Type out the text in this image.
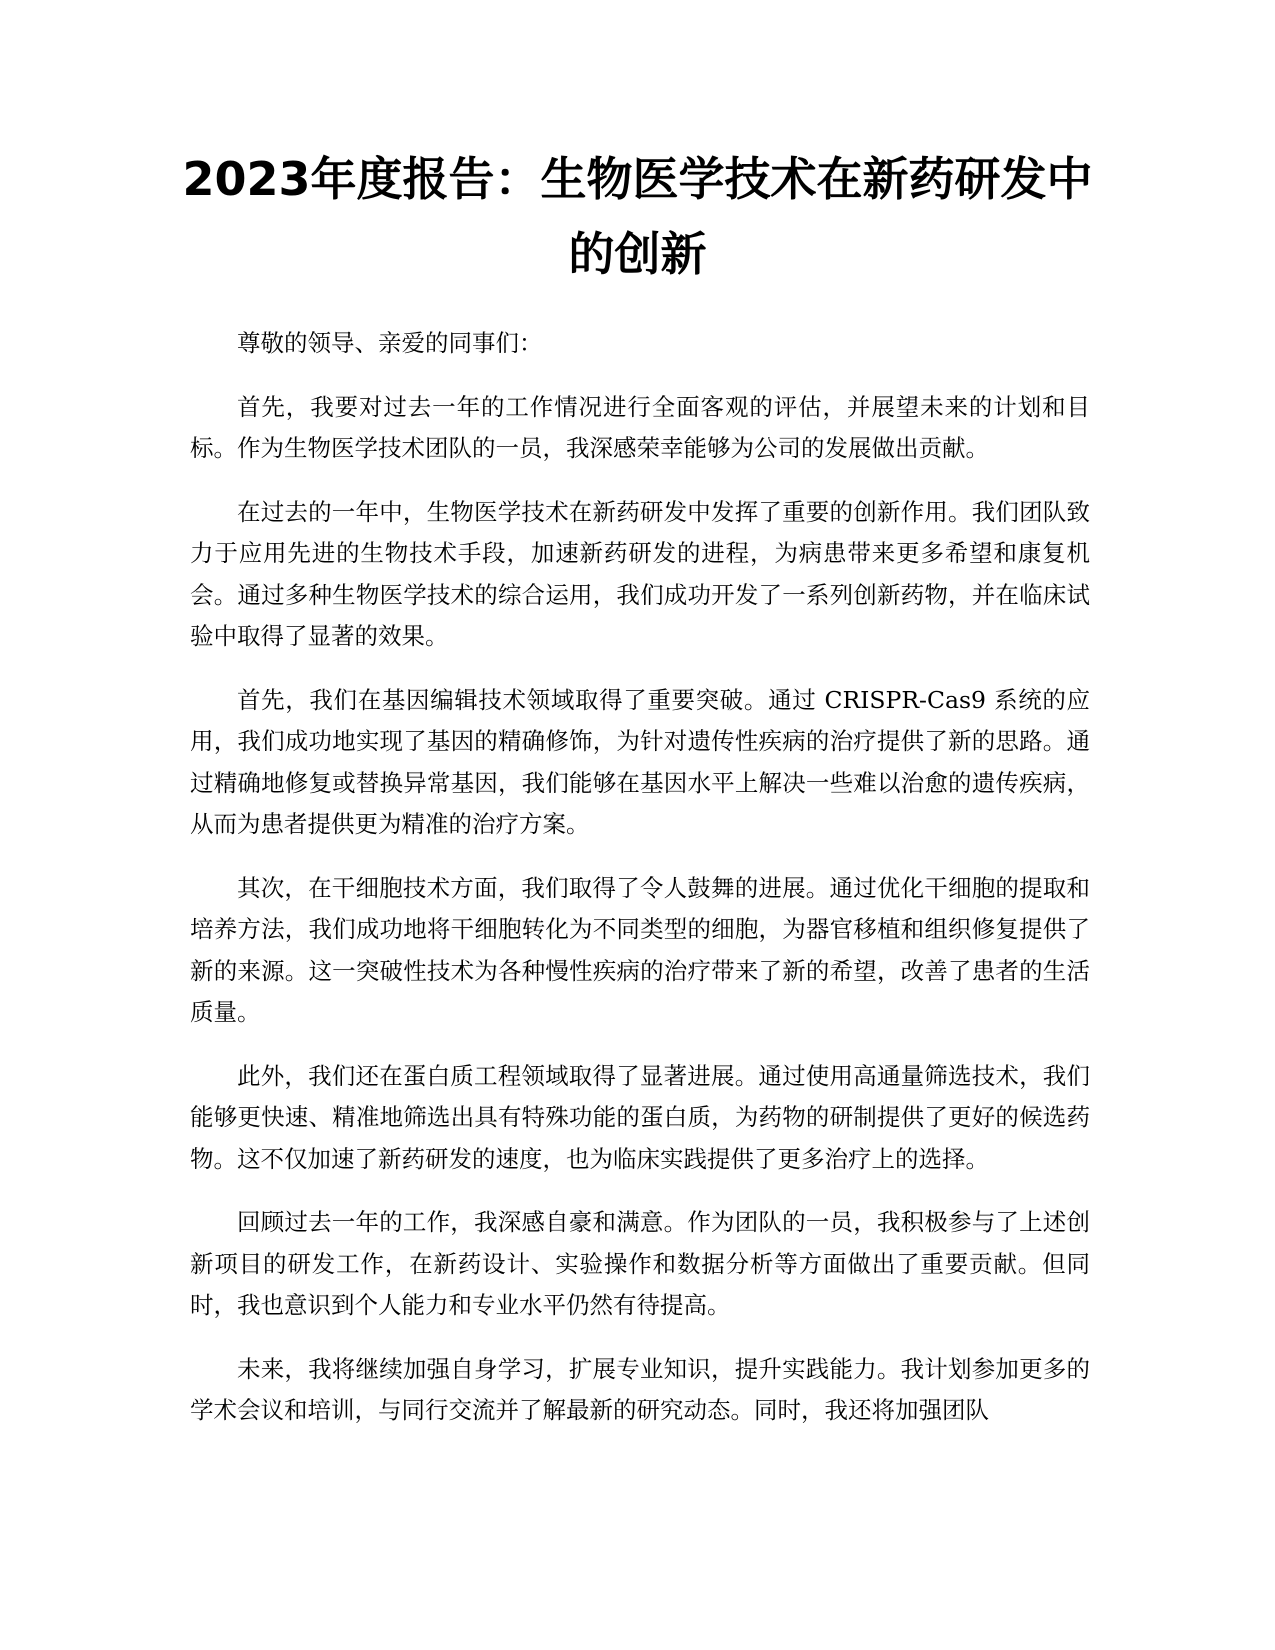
2023年度报告：生物医学技术在新药研发中
的创新

尊敬的领导、亲爱的同事们：

首先，我要对过去一年的工作情况进行全面客观的评估，并展望未来的计划和目标。作为生物医学技术团队的一员，我深感荣幸能够为公司的发展做出贡献。

在过去的一年中，生物医学技术在新药研发中发挥了重要的创新作用。我们团队致力于应用先进的生物技术手段，加速新药研发的进程，为病患带来更多希望和康复机会。通过多种生物医学技术的综合运用，我们成功开发了一系列创新药物，并在临床试验中取得了显著的效果。

首先，我们在基因编辑技术领域取得了重要突破。通过 CRISPR-Cas9 系统的应用，我们成功地实现了基因的精确修饰，为针对遗传性疾病的治疗提供了新的思路。通过精确地修复或替换异常基因，我们能够在基因水平上解决一些难以治愈的遗传疾病，从而为患者提供更为精准的治疗方案。

其次，在干细胞技术方面，我们取得了令人鼓舞的进展。通过优化干细胞的提取和培养方法，我们成功地将干细胞转化为不同类型的细胞，为器官移植和组织修复提供了新的来源。这一突破性技术为各种慢性疾病的治疗带来了新的希望，改善了患者的生活质量。

此外，我们还在蛋白质工程领域取得了显著进展。通过使用高通量筛选技术，我们能够更快速、精准地筛选出具有特殊功能的蛋白质，为药物的研制提供了更好的候选药物。这不仅加速了新药研发的速度，也为临床实践提供了更多治疗上的选择。

回顾过去一年的工作，我深感自豪和满意。作为团队的一员，我积极参与了上述创新项目的研发工作，在新药设计、实验操作和数据分析等方面做出了重要贡献。但同时，我也意识到个人能力和专业水平仍然有待提高。

未来，我将继续加强自身学习，扩展专业知识，提升实践能力。我计划参加更多的学术会议和培训，与同行交流并了解最新的研究动态。同时，我还将加强团队
